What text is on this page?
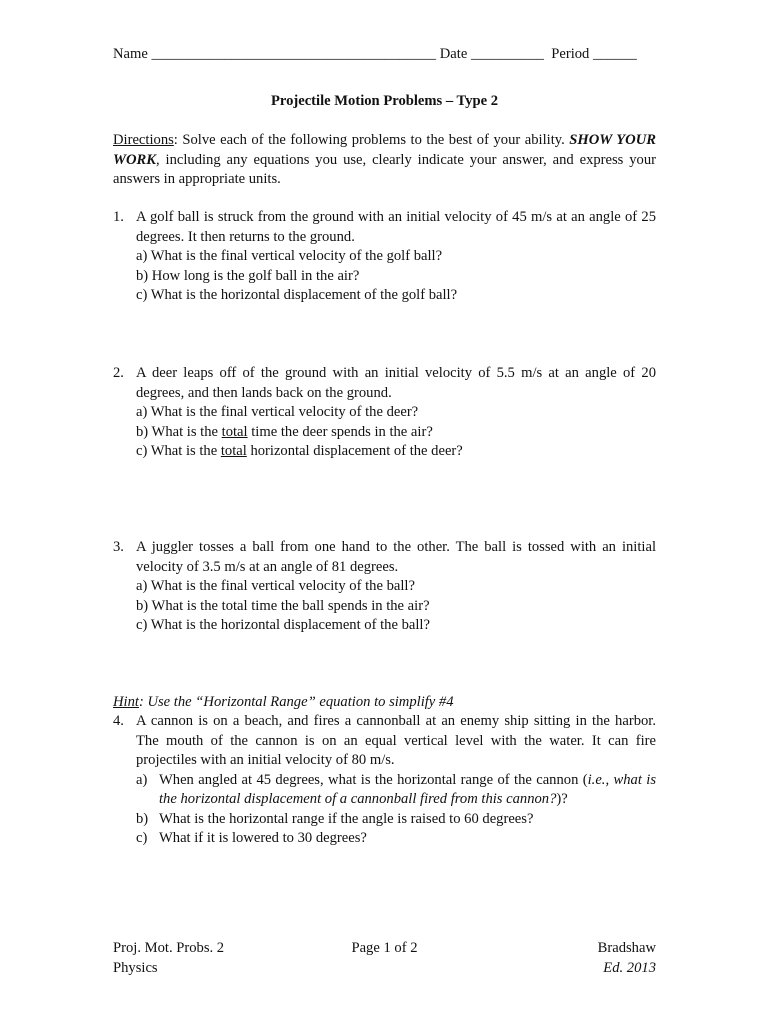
Name _______________________________________ Date __________ Period ______
Projectile Motion Problems – Type 2
Directions: Solve each of the following problems to the best of your ability. SHOW YOUR WORK, including any equations you use, clearly indicate your answer, and express your answers in appropriate units.
1. A golf ball is struck from the ground with an initial velocity of 45 m/s at an angle of 25 degrees. It then returns to the ground.
a) What is the final vertical velocity of the golf ball?
b) How long is the golf ball in the air?
c) What is the horizontal displacement of the golf ball?
2. A deer leaps off of the ground with an initial velocity of 5.5 m/s at an angle of 20 degrees, and then lands back on the ground.
a) What is the final vertical velocity of the deer?
b) What is the total time the deer spends in the air?
c) What is the total horizontal displacement of the deer?
3. A juggler tosses a ball from one hand to the other. The ball is tossed with an initial velocity of 3.5 m/s at an angle of 81 degrees.
a) What is the final vertical velocity of the ball?
b) What is the total time the ball spends in the air?
c) What is the horizontal displacement of the ball?
Hint: Use the “Horizontal Range” equation to simplify #4
4. A cannon is on a beach, and fires a cannonball at an enemy ship sitting in the harbor. The mouth of the cannon is on an equal vertical level with the water. It can fire projectiles with an initial velocity of 80 m/s.
a) When angled at 45 degrees, what is the horizontal range of the cannon (i.e., what is the horizontal displacement of a cannonball fired from this cannon?)?
b) What is the horizontal range if the angle is raised to 60 degrees?
c) What if it is lowered to 30 degrees?
Proj. Mot. Probs. 2	Page 1 of 2	Bradshaw
Physics	Ed. 2013
